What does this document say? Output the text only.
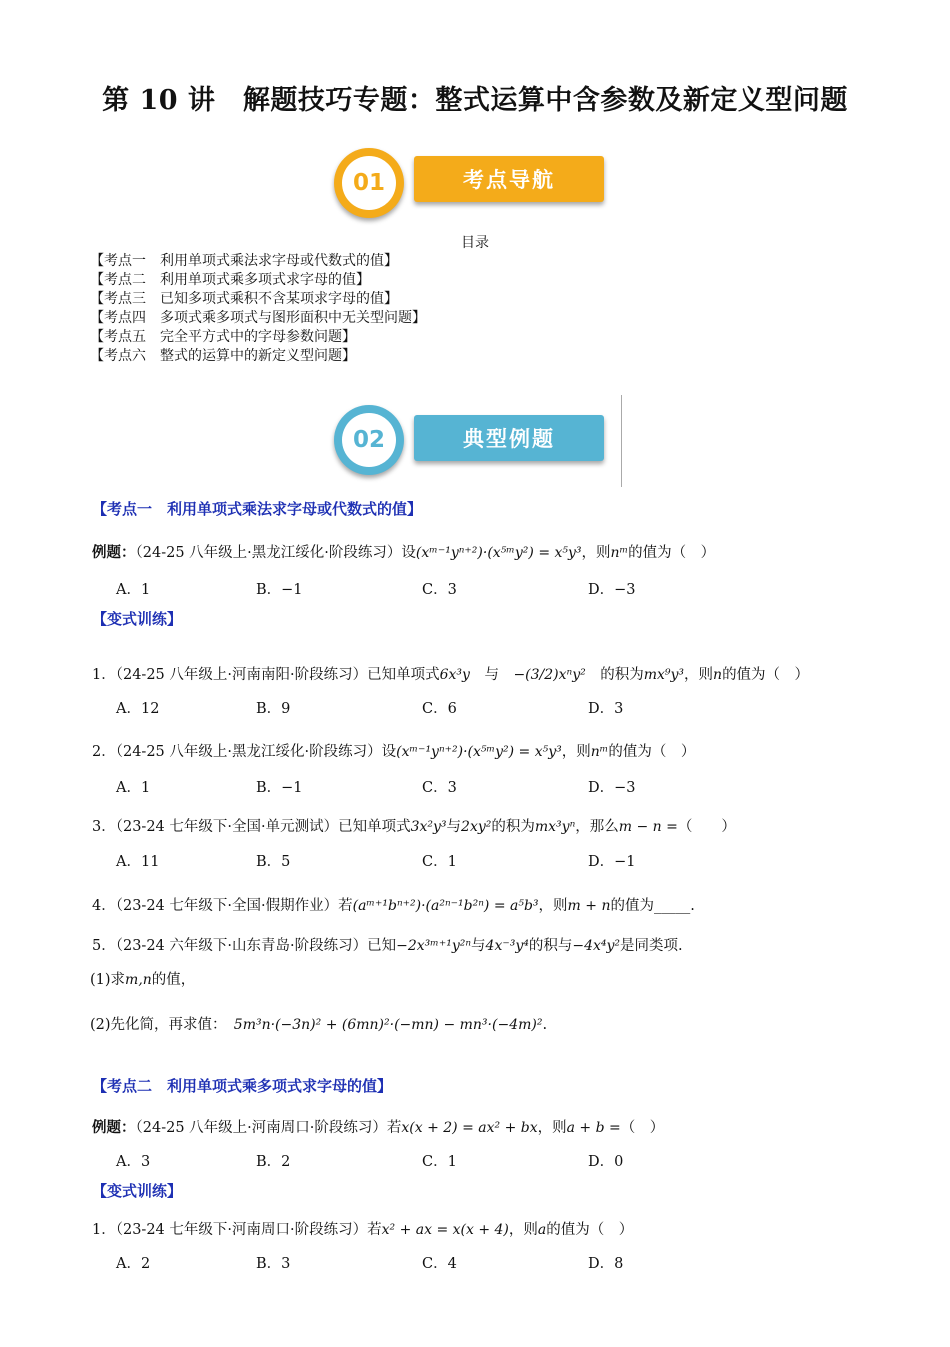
第 10 讲　解题技巧专题：整式运算中含参数及新定义型问题
考点导航
01
目录
【考点一　利用单项式乘法求字母或代数式的值】
【考点二　利用单项式乘多项式求字母的值】
【考点三　已知多项式乘积不含某项求字母的值】
【考点四　多项式乘多项式与图形面积中无关型问题】
【考点五　完全平方式中的字母参数问题】
【考点六　整式的运算中的新定义型问题】
典型例题
02
【考点一　利用单项式乘法求字母或代数式的值】
例题：（24-25 八年级上·黑龙江绥化·阶段练习）设(xᵐ⁻¹yⁿ⁺²)·(x⁵ᵐy²) = x⁵y³，则nᵐ的值为（　）
A．1	B．−1	C．3	D．−3
【变式训练】
1．（24-25 八年级上·河南南阳·阶段练习）已知单项式6x³y　 与　 −(3/2)xⁿy²　 的积为mx⁹y³，则n的值为（　）
A．12	B．9	C．6	D．3
2．（24-25 八年级上·黑龙江绥化·阶段练习）设(xᵐ⁻¹yⁿ⁺²)·(x⁵ᵐy²) = x⁵y³，则nᵐ的值为（　）
A．1	B．−1	C．3	D．−3
3．（23-24 七年级下·全国·单元测试）已知单项式3x²y³与2xy²的积为mx³yⁿ，那么m − n =（　　）
A．11	B．5	C．1	D．−1
4．（23-24 七年级下·全国·假期作业）若(aᵐ⁺¹bⁿ⁺²)·(a²ⁿ⁻¹b²ⁿ) = a⁵b³，则m + n的值为_____.
5．（23-24 六年级下·山东青岛·阶段练习）已知−2x³ᵐ⁺¹y²ⁿ与4x⁻³y⁴的积与−4x⁴y²是同类项.
(1)求m,n的值，
(2)先化简，再求值：　 5m³n·(−3n)² + (6mn)²·(−mn) − mn³·(−4m)².
【考点二　利用单项式乘多项式求字母的值】
例题：（24-25 八年级上·河南周口·阶段练习）若x(x + 2) = ax² + bx，则a + b =（　）
A．3	B．2	C．1	D．0
【变式训练】
1．（23-24 七年级下·河南周口·阶段练习）若x² + ax = x(x + 4)，则a的值为（　）
A．2	B．3	C．4	D．8
